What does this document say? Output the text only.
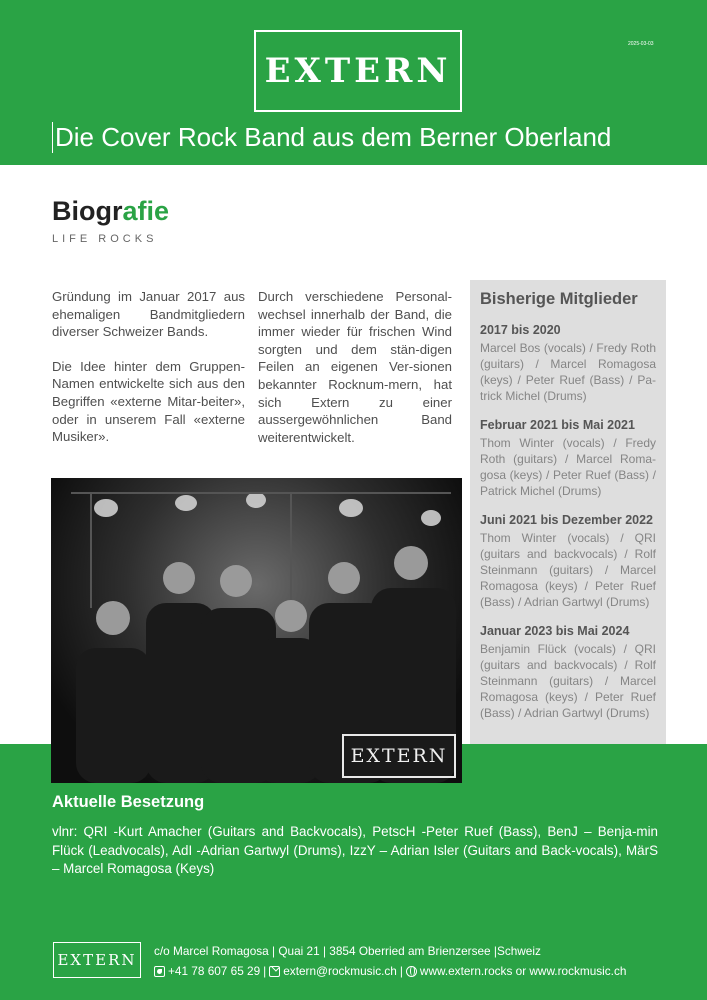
EXTERN
2025-03-03
Die Cover Rock Band aus dem Berner Oberland
Biografie
LIFE ROCKS

Gründung im Januar 2017 aus ehemaligen Bandmitgliedern diverser Schweizer Bands.

Die Idee hinter dem Gruppen-Namen entwickelte sich aus den Begriffen «externe Mitar-beiter», oder in unserem Fall «externe Musiker».

Durch verschiedene Personal-wechsel innerhalb der Band, die immer wieder für frischen Wind sorgten und dem stän-digen Feilen an eigenen Ver-sionen bekannter Rocknum-mern, hat sich Extern zu einer aussergewöhnlichen Band weiterentwickelt.

Bisherige Mitglieder
2017 bis 2020
Marcel Bos (vocals) / Fredy Roth (guitars) / Marcel Romagosa (keys) / Peter Ruef (Bass) / Pa-trick Michel (Drums)
Februar 2021 bis Mai 2021
Thom Winter (vocals) / Fredy Roth (guitars) / Marcel Roma-gosa (keys) / Peter Ruef (Bass) / Patrick Michel (Drums)
Juni 2021 bis Dezember 2022
Thom Winter (vocals) / QRI (guitars and backvocals) / Rolf Steinmann (guitars) / Marcel Romagosa (keys) / Peter Ruef (Bass) / Adrian Gartwyl (Drums)
Januar 2023 bis Mai 2024
Benjamin Flück (vocals) / QRI (guitars and backvocals) / Rolf Steinmann (guitars) / Marcel Romagosa (keys) / Peter Ruef (Bass) / Adrian Gartwyl (Drums)
EXTERN
Aktuelle Besetzung
vlnr: QRI -Kurt Amacher (Guitars and Backvocals), PetscH -Peter Ruef (Bass), BenJ – Benja-min Flück (Leadvocals), AdI -Adrian Gartwyl (Drums), IzzY – Adrian Isler (Guitars and Back-vocals), MärS – Marcel Romagosa (Keys)
EXTERN c/o Marcel Romagosa | Quai 21 | 3854 Oberried am Brienzersee |Schweiz
+41 78 607 65 29 | extern@rockmusic.ch | www.extern.rocks or www.rockmusic.ch
